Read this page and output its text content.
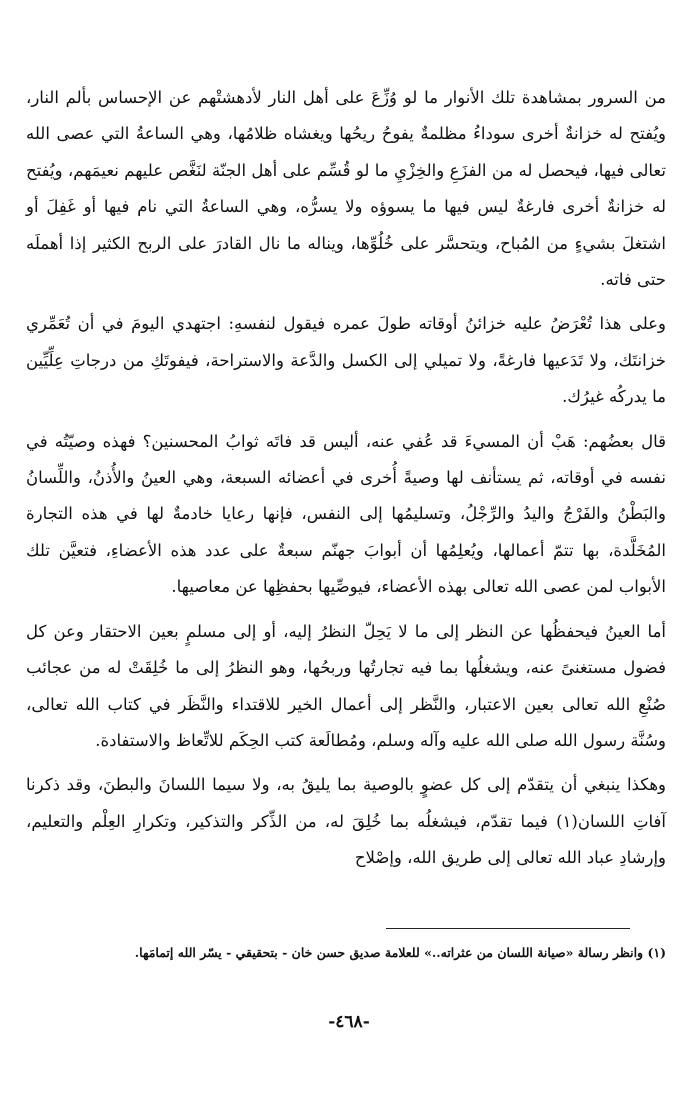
من السرور بمشاهدة تلك الأنوار ما لو وُزِّعَ على أهل النار لأدهشتْهم عن الإحساس بألم النار، ويُفتح له خزانةٌ أخرى سوداءُ مظلمةٌ يفوحُ ريحُها ويغشاه ظلامُها، وهي الساعةُ التي عصى الله تعالى فيها، فيحصل له من الفزَعِ والخِزْيِ ما لو قُسِّم على أهل الجنّة لنَغَّص عليهم نعيمَهم، ويُفتح له خزانةٌ أخرى فارغةٌ ليس فيها ما يسوؤه ولا يسرُّه، وهي الساعةُ التي نام فيها أو غَفِلَ أو اشتغلَ بشيءٍ من المُباح، ويتحسَّر على خُلُوِّها، ويناله ما نال القادرَ على الربح الكثير إذا أهملَه حتى فاته.

وعلى هذا تُعْرَضُ عليه خزائنُ أوقاته طولَ عمره فيقول لنفسهِ: اجتهدي اليومَ في أن تُعَمِّري خزانتَك، ولا تَدَعيها فارغةً، ولا تميلي إلى الكسل والدَّعة والاستراحة، فيفوتَكِ من درجاتِ عِلِّيِّين ما يدركُه غيرُك.

قال بعضُهم: هَبْ أن المسيءَ قد عُفي عنه، أليس قد فاتَه ثوابُ المحسنين؟ فهذه وصيّتُه في نفسه في أوقاته، ثم يستأنف لها وصيةً أُخرى في أعضائه السبعة، وهي العينُ والأُذنُ، واللِّسانُ والبَطْنُ والفَرْجُ واليدُ والرِّجْلُ، وتسليمُها إلى النفس، فإنها رعايا خادمةٌ لها في هذه التجارة المُخَلَّدة، بها تتمّ أعمالها، ويُعلِمُها أن أبوابَ جهنّم سبعةٌ على عدد هذه الأعضاءِ، فتعيَّن تلك الأبواب لمن عصى الله تعالى بهذه الأعضاء، فيوصِّيها بحفظِها عن معاصيها.

أما العينُ فيحفظُها عن النظر إلى ما لا يَحِلّ النظرُ إليه، أو إلى مسلمٍ بعين الاحتقار وعن كل فضول مستغنىً عنه، ويشغلُها بما فيه تجارتُها وربحُها، وهو النظرُ إلى ما خُلِقَتْ له من عجائب صُنْعِ الله تعالى بعين الاعتبار، والنَّظر إلى أعمال الخير للاقتداء والنَّظَر في كتاب الله تعالى، وسُنَّة رسول الله صلى الله عليه وآله وسلم، ومُطالَعة كتب الحِكَم للاتِّعاظ والاستفادة.

وهكذا ينبغي أن يتقدّم إلى كل عضوٍ بالوصية بما يليقُ به، ولا سيما اللسانَ والبطنَ، وقد ذكرنا آفاتِ اللسان(١) فيما تقدّم، فيشغلُه بما خُلِقَ له، من الذِّكر والتذكير، وتكرارِ العِلْم والتعليم، وإرشادِ عباد الله تعالى إلى طريق الله، وإصْلاح

(١) وانظر رسالة «صيانة اللسان من عثراته..» للعلامة صديق حسن خان - بتحقيقي - يسّر الله إتمامَها.

-٤٦٨-
